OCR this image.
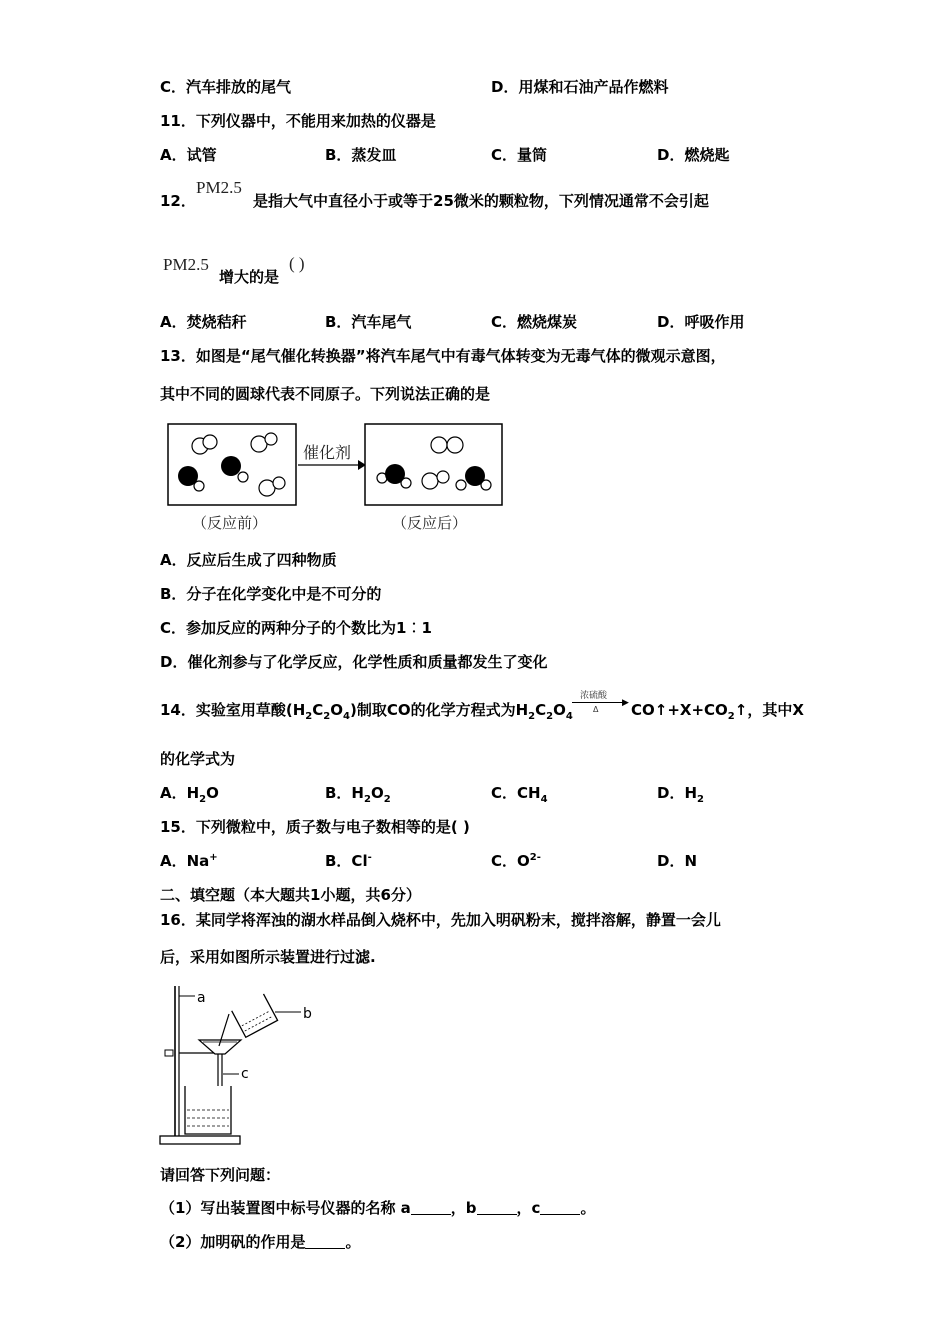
C．汽车排放的尾气	D．用煤和石油产品作燃料
11．下列仪器中，不能用来加热的仪器是
A．试管	B．蒸发皿	C．量筒	D．燃烧匙
12．
PM2.5
是指大气中直径小于或等于25微米的颗粒物，下列情况通常不会引起
PM2.5
增大的是
( )
A．焚烧秸秆	B．汽车尾气	C．燃烧煤炭	D．呼吸作用
13．如图是“尾气催化转换器”将汽车尾气中有毒气体转变为无毒气体的微观示意图，
其中不同的圆球代表不同原子。下列说法正确的是
催化剂
（反应前）	（反应后）
A．反应后生成了四种物质
B．分子在化学变化中是不可分的
C．参加反应的两种分子的个数比为1︰1
D．催化剂参与了化学反应，化学性质和质量都发生了变化
14．实验室用草酸$(H_2C_2O_4)$制取CO的化学方程式为$H_2C_2O_4$
浓硫酸
▶
Δ $CO↑+X+CO_2↑$，其中X
的化学式为
A．$H_2O$	B．$H_2O_2$	C．$CH_4$	D．$H_2$
15．下列微粒中，质子数与电子数相等的是( )
A．Na+	B．Cl-	C．$O^{2-}$	D．N
二、填空题（本大题共1小题，共6分）
16．某同学将浑浊的湖水样品倒入烧杯中，先加入明矾粉末，搅拌溶解，静置一会儿
后，采用如图所示装置进行过滤.
a
b
c
请回答下列问题：
（1）写出装置图中标号仪器的名称 a	，b	，c	。
（2）加明矾的作用是	。
